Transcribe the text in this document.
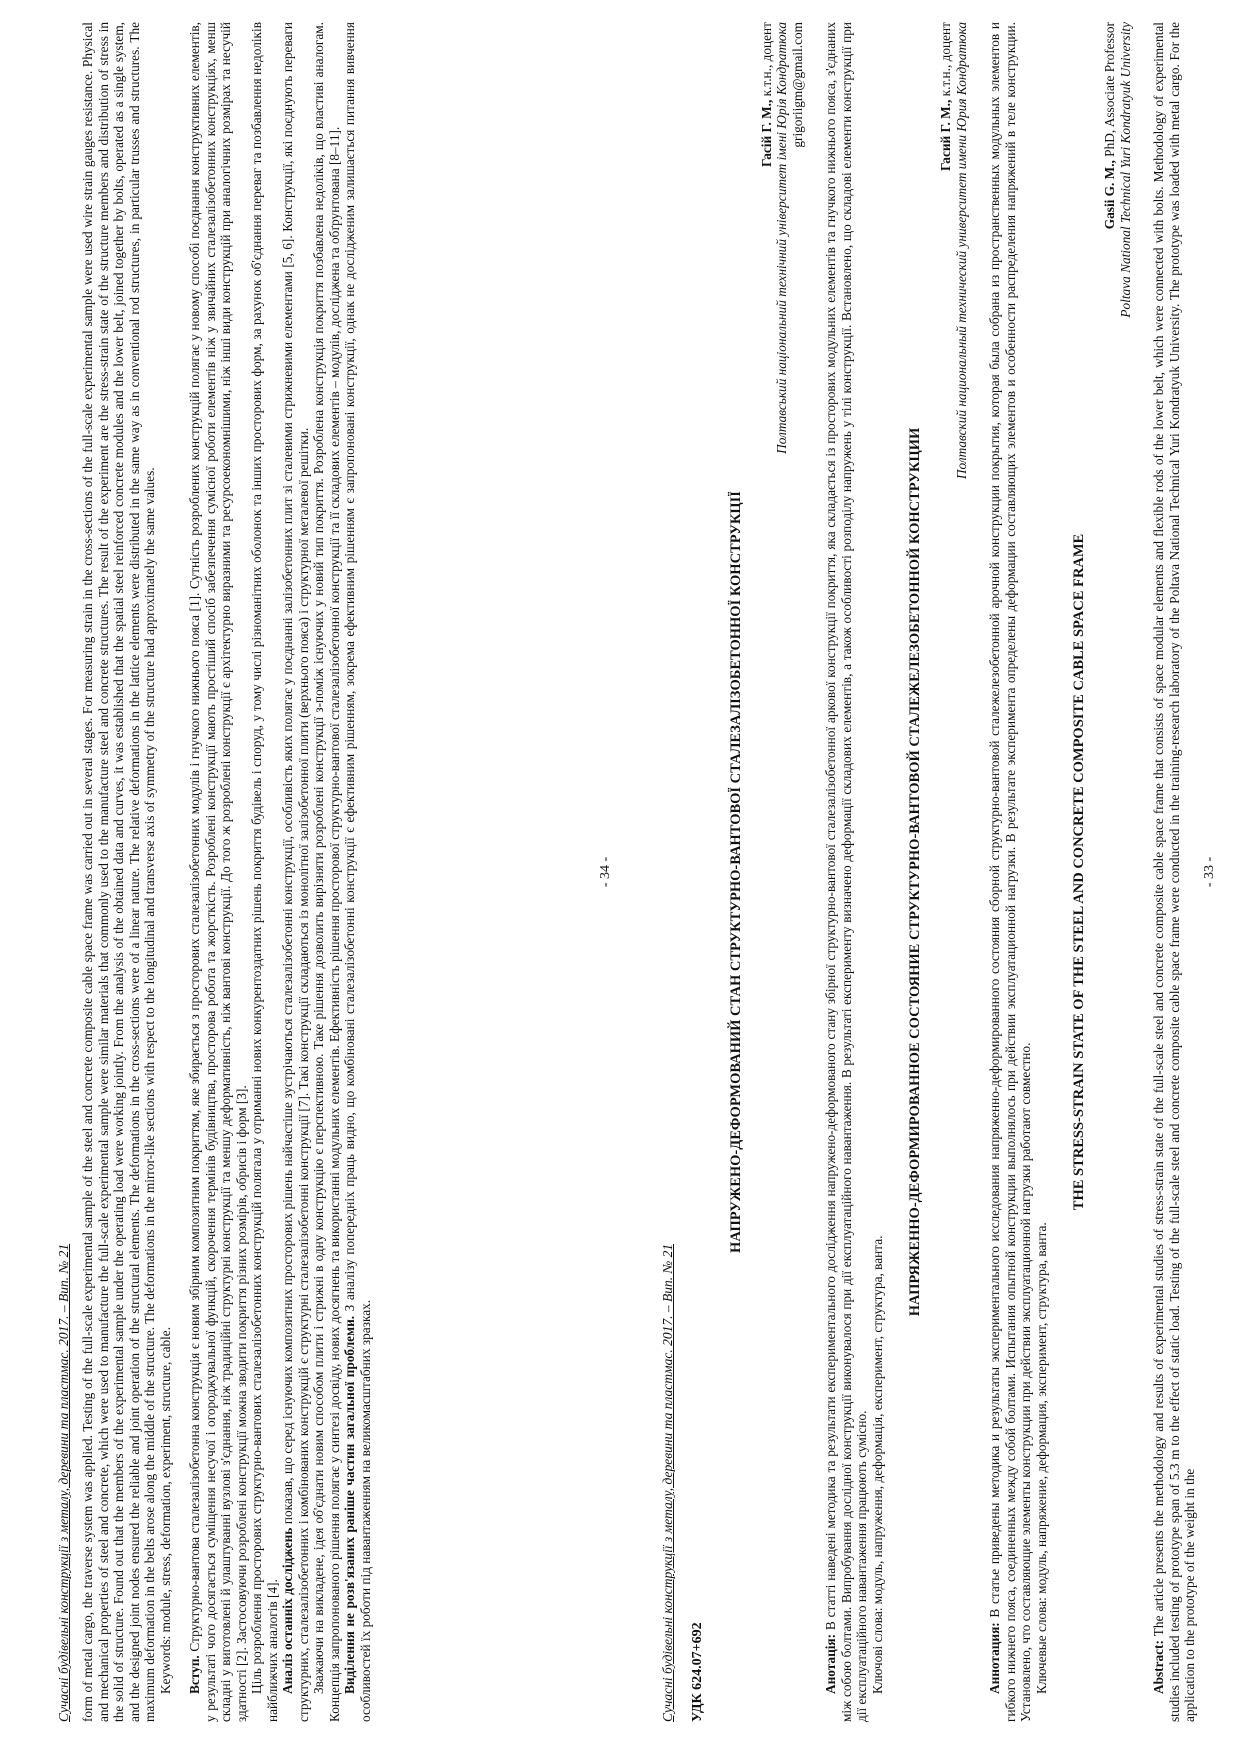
Сучасні будівельні конструкції з металу, деревини та пластмас. 2017. – Вип. № 21 form of metal cargo, the traverse system was applied. Testing of the full-scale experimental sample of the steel and concrete composite cable space frame was carried out in several stages. For measuring strain in the cross-sections of the full-scale experimental sample were used wire strain gauges resistance. Physical and mechanical properties of steel and concrete, which were used to manufacture the full-scale experimental sample were similar materials that commonly used to the manufacture steel and concrete structures. The result of the experiment are the stress-strain state of the structure members and distribution of stress in the solid of structure. Found out that the members of the experimental sample under the operating load were working jointly. From the analysis of the obtained data and curves, it was established that the spatial steel reinforced concrete modules and the lower belt, joined together by bolts, operated as a single system, and the designed joint nodes ensured the reliable and joint operation of the structural elements. The deformations in the cross-sections were of a linear nature. The relative deformations in the lattice elements were distributed in the same way as in conventional rod structures, in particular trusses and structures. The maximum deformation in the belts arose along the middle of the structure. The deformations in the mirror-like sections with respect to the longitudinal and transverse axis of symmetry of the structure had approximately the same values. Keywords: module, stress, deformation, experiment, structure, cable. Вступ. Структурно-вантова сталезалізобетонна конструкція є новим збірним композитним покриттям, яке збирається з просторових сталезалізобетонних модулів і гнучкого нижнього пояса [1]. Сутність розроблених конструкцій полягає у новому способі поєднання конструктивних елементів, у результаті чого досягається суміщення несучої і огороджувальної функцій, скорочення термінів будівництва, просторова робота та жорсткість. Розроблені конструкції мають простіший спосіб забезпечення сумісної роботи елементів ніж у звичайних сталезалізобетонних конструкціях, менш складні у виготовлені й улаштуванні вузлові з'єднання, ніж традиційні структурні конструкції та меншу деформативність, ніж вантові конструкції. До того ж розроблені конструкції є архітектурно виразними та ресурсоекономнішими, ніж інші види конструкцій при аналогічних розмірах та несучій здатності [2]. Застосовуючи розроблені конструкції можна зводити покриття різних розмірів, обрисів і форм [3]. Ціль розроблення просторових структурно-вантових сталезалізобетонних конструкцій полягала у отриманні нових конкурентоздатних рішень покриття будівель і споруд, у тому числі різноманітних оболонок та інших просторових форм, за рахунок об'єднання переваг та позбавлення недоліків найближчих аналогів [4]. Аналіз останніх досліджень показав, що серед існуючих композитних просторових рішень найчастіше зустрічаються сталезалізобетонні конструкції, особливість яких полягає у поєднанні залізобетонних плит зі сталевими стрижневими елементами [5, 6]. Конструкції, які поєднують переваги структурних, сталезалізобетонних і комбінованих конструкцій є структурні сталезалізобетонні конструкції [7]. Такі конструкції складаються із монолітної залізобетонної плити (верхнього пояса) і структурної металевої решітки. Зважаючи на викладене, ідея об'єднати новим способом плити і стрижні в одну конструкцію є перспективною. Таке рішення дозволить вирізняти розроблені конструкції з-поміж існуючих у новий тип покриття. Розроблена конструкція покриття позбавлена недоліків, що властиві аналогам. Концепція запропонованого рішення полягає у синтезі досвіду, нових досягнень та використанні модульних елементів. Ефективність рішення просторової структурно-вантової сталезалізобетонної конструкції та її складових елементів – модулів, досліджена та обґрунтована [8–11]. Виділення не розв'язаних раніше частин загальної проблеми. З аналізу попередніх праць видно, що комбіновані сталезалізобетонні конструкції є ефективним рішенням, зокрема ефективним рішенням є запропоновані конструкції, однак не дослідженим залишається питання вивчення особливостей їх роботи під навантаженням на великомасштабних зразках.

- 34 -
Сучасні будівельні конструкції з металу, деревини та пластмас. 2017. – Вип. № 21 УДК 624.07+692

НАПРУЖЕНО-ДЕФОРМОВАНИЙ СТАН СТРУКТУРНО-ВАНТОВОЇ СТАЛЕЗАЛІЗОБЕТОННОЇ КОНСТРУКЦІЇ

Гасій Г. М., к.т.н., доцент Полтавський національний технічний університет імені Юрія Кондратюка grigoriigm@gmail.com

Анотація: В статті наведені методика та результати експериментального дослідження напружено-деформованого стану збірної структурно-вантової сталезалізобетонної аркової конструкції покриття, яка складається із просторових модульних елементів та гнучкого нижнього пояса, з'єднаних між собою болтами. Випробування дослідної конструкції виконувалося при дії експлуатаційного навантаження. В результаті експерименту визначено деформації складових елементів, а також особливості розподілу напружень у тілі конструкції. Встановлено, що складові елементи конструкції при дії експлуатаційного навантаження працюють сумісно. Ключові слова: модуль, напруження, деформація, експеримент, структура, ванта.

НАПРЯЖЕННО-ДЕФОРМИРОВАННОЕ СОСТОЯНИЕ СТРУКТУРНО-ВАНТОВОЙ СТАЛЕЖЕЛЕЗОБЕТОННОЙ КОНСТРУКЦИИ

Гасий Г. М., к.т.н., доцент Полтавский национальный технический университет имени Юрия Кондратюка

Аннотация: В статье приведены методика и результаты экспериментального исследования напряженно-деформированного состояния сборной структурно-вантовой сталежелезобетонной арочной конструкции покрытия, которая была собрана из пространственных модульных элементов и гибкого нижнего пояса, соединенных между собой болтами. Испытания опытной конструкции выполнялось при действии эксплуатационной нагрузки. В результате эксперимента определены деформации составляющих элементов и особенности распределения напряжений в теле конструкции. Установлено, что составляющие элементы конструкции при действии эксплуатационной нагрузки работают совместно. Ключевые слова: модуль, напряжение, деформация, эксперимент, структура, ванта.

THE STRESS-STRAIN STATE OF THE STEEL AND CONCRETE COMPOSITE CABLE SPACE FRAME

Gasii G. M., PhD, Associate Professor Poltava National Technical Yuri Kondratyuk University

Abstract: The article presents the methodology and results of experimental studies of stress-strain state of the full-scale steel and concrete composite cable space frame that consists of space modular elements and flexible rods of the lower belt, which were connected with bolts. Methodology of experimental studies included testing of prototype span of 5.3 m to the effect of static load. Testing of the full-scale steel and concrete composite cable space frame were conducted in the training-research laboratory of the Poltava National Technical Yuri Kondratyuk University. The prototype was loaded with metal cargo. For the application to the prototype of the weight in the

- 33 -
